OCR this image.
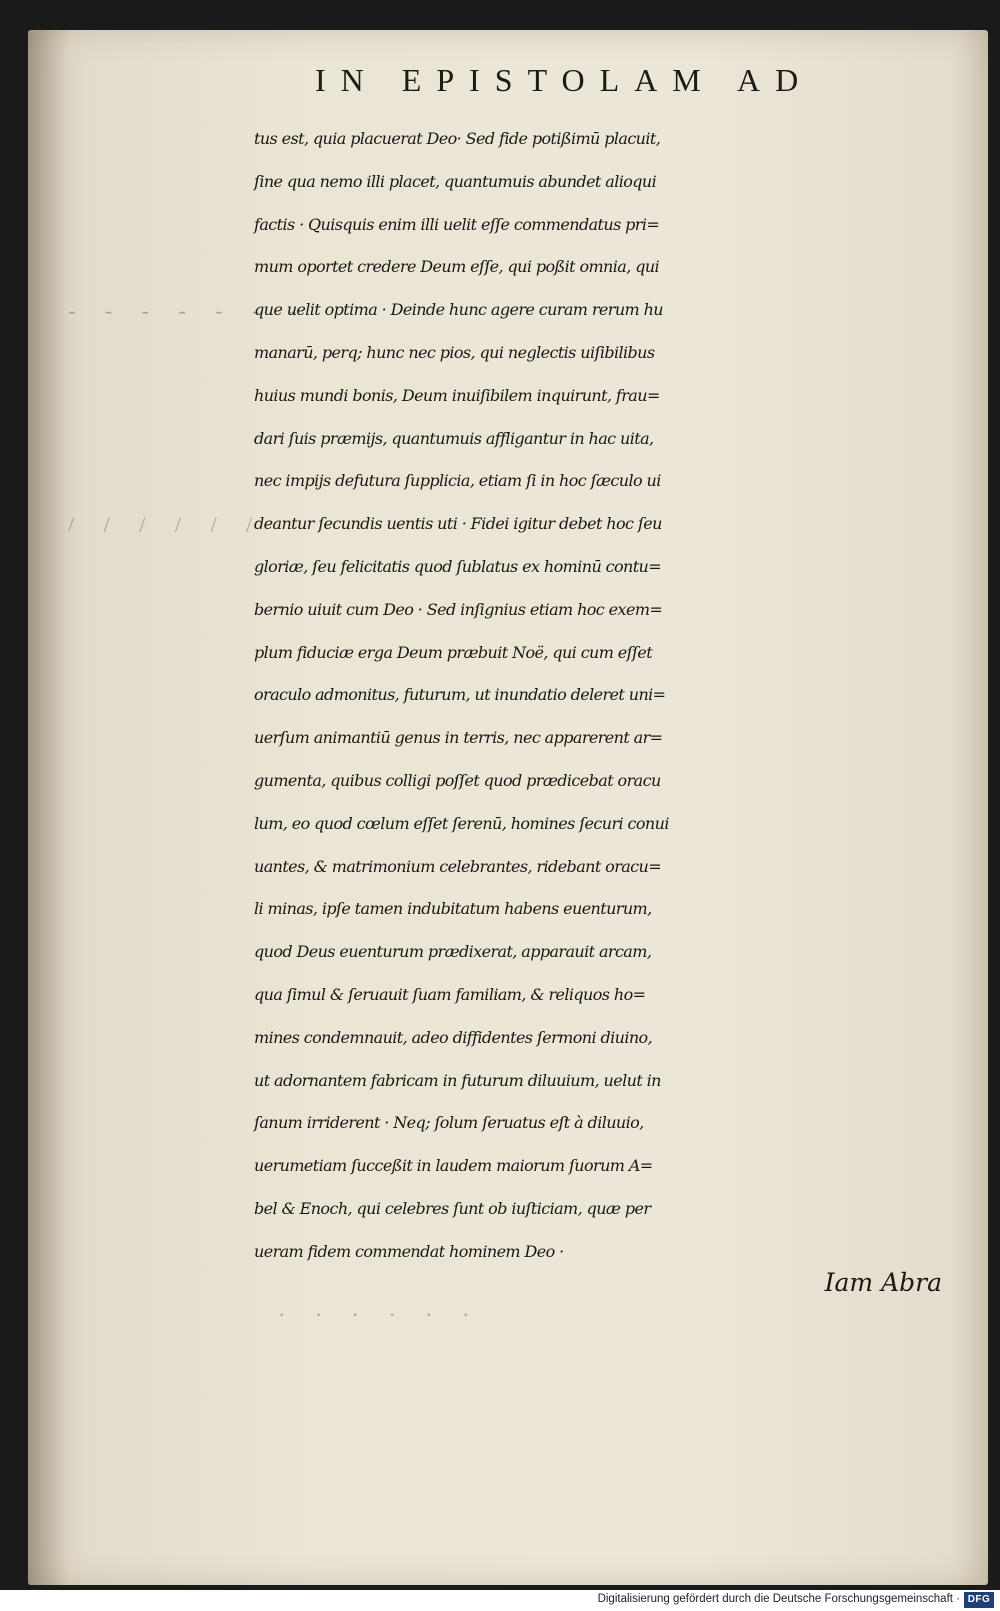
- - - - - - -
/ / / / / /
· · · · · ·
IN EPISTOLAM AD
tus est, quia placuerat Deo· Sed fide potißimū placuit,
ſine qua nemo illi placet, quantumuis abundet alioqui
factis · Quisquis enim illi uelit eſſe commendatus pri=
mum oportet credere Deum eſſe, qui poßit omnia, qui
que uelit optima · Deinde hunc agere curam rerum hu
manarū, perq; hunc nec pios, qui neglectis uiſibilibus
huius mundi bonis, Deum inuiſibilem inquirunt, frau=
dari ſuis præmijs, quantumuis affligantur in hac uita,
nec impijs defutura ſupplicia, etiam ſi in hoc ſæculo ui
deantur ſecundis uentis uti · Fidei igitur debet hoc ſeu
gloriæ, ſeu felicitatis quod ſublatus ex hominū contu=
bernio uiuit cum Deo · Sed inſignius etiam hoc exem=
plum fiduciæ erga Deum præbuit Noë, qui cum eſſet
oraculo admonitus, futurum, ut inundatio deleret uni=
uerſum animantiū genus in terris, nec apparerent ar=
gumenta, quibus colligi poſſet quod prædicebat oracu
lum, eo quod cœlum eſſet ſerenū, homines ſecuri conui
uantes, & matrimonium celebrantes, ridebant oracu=
li minas, ipſe tamen indubitatum habens euenturum,
quod Deus euenturum prædixerat, apparauit arcam,
qua ſimul & ſeruauit ſuam familiam, & reliquos ho=
mines condemnauit, adeo diffidentes ſermoni diuino,
ut adornantem fabricam in futurum diluuium, uelut in
ſanum irriderent · Neq; ſolum ſeruatus eſt à diluuio,
uerumetiam ſucceßit in laudem maiorum ſuorum A=
bel & Enoch, qui celebres ſunt ob iuſticiam, quæ per
ueram fidem commendat hominem Deo ·
Iam Abra
Digitalisierung gefördert durch die Deutsche Forschungsgemeinschaft · DFG
